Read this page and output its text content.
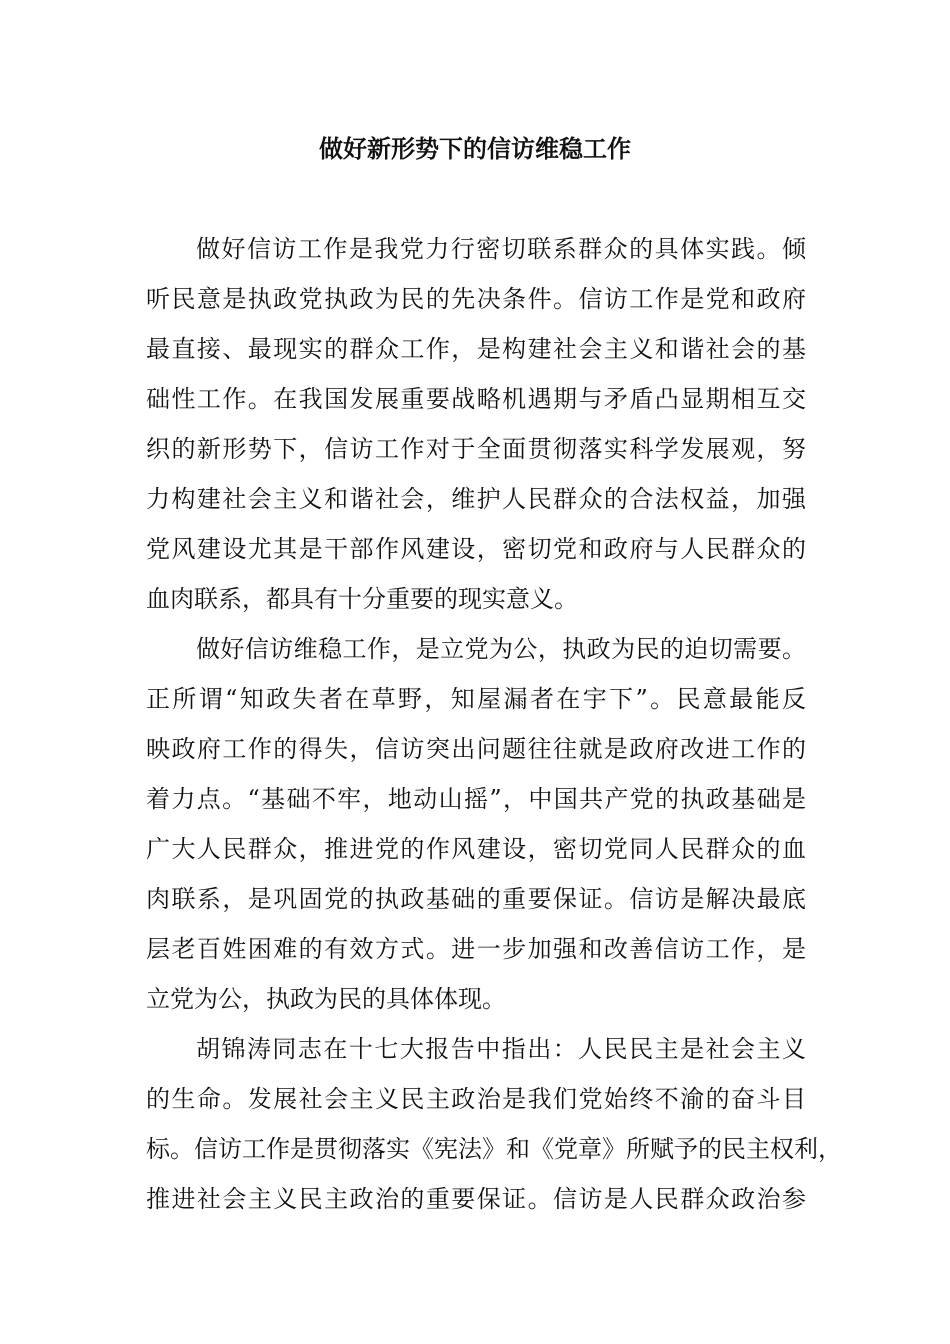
做好新形势下的信访维稳工作
做好信访工作是我党力行密切联系群众的具体实践。倾
听民意是执政党执政为民的先决条件。信访工作是党和政府
最直接、最现实的群众工作，是构建社会主义和谐社会的基
础性工作。在我国发展重要战略机遇期与矛盾凸显期相互交
织的新形势下，信访工作对于全面贯彻落实科学发展观，努
力构建社会主义和谐社会，维护人民群众的合法权益，加强
党风建设尤其是干部作风建设，密切党和政府与人民群众的
血肉联系，都具有十分重要的现实意义。
做好信访维稳工作，是立党为公，执政为民的迫切需要。
正所谓“知政失者在草野，知屋漏者在宇下”。民意最能反
映政府工作的得失，信访突出问题往往就是政府改进工作的
着力点。“基础不牢，地动山摇”，中国共产党的执政基础是
广大人民群众，推进党的作风建设，密切党同人民群众的血
肉联系，是巩固党的执政基础的重要保证。信访是解决最底
层老百姓困难的有效方式。进一步加强和改善信访工作，是
立党为公，执政为民的具体体现。
胡锦涛同志在十七大报告中指出：人民民主是社会主义
的生命。发展社会主义民主政治是我们党始终不渝的奋斗目
标。信访工作是贯彻落实《宪法》和《党章》所赋予的民主权利，
推进社会主义民主政治的重要保证。信访是人民群众政治参
